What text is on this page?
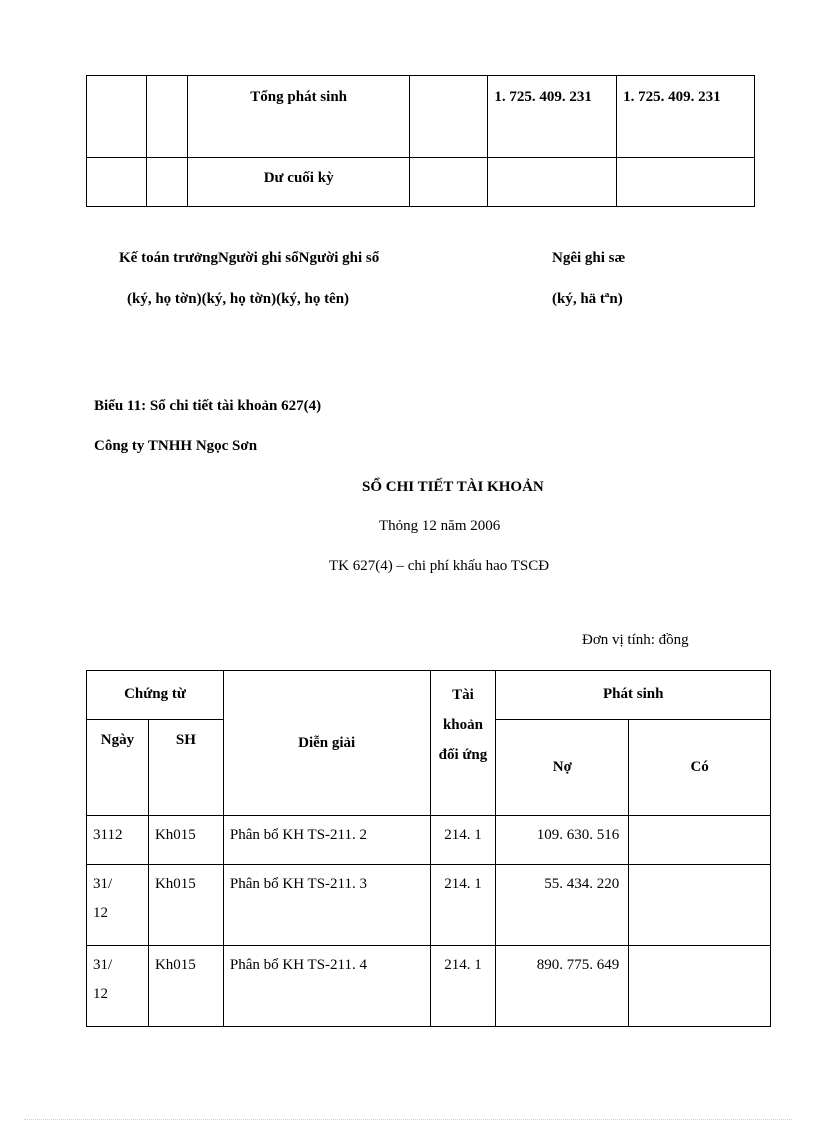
		Tổng phát sinh		1. 725. 409. 231	1. 725. 409. 231
		Dư cuối kỳ			
Kế toán trưởngNgười ghi sổNgười ghi sổ	Ngêi ghi sæ
(ký, họ tờn)(ký, họ tờn)(ký, họ tên)	(ký, hä tªn)
Biểu 11: Sổ chi tiết tài khoản 627(4)
Công ty TNHH Ngọc Sơn
SỔ CHI TIẾT TÀI KHOẢN
Thỏng 12 năm 2006
TK 627(4) – chi phí khấu hao TSCĐ
Đơn vị tính: đồng
Chứng từ		Diễn giải	Tài khoản đối ứng	Phát sinh	
Ngày	SH			Nợ	Có
3112	Kh015	Phân bổ KH TS-211. 2	214. 1	109. 630. 516	
31/ 12	Kh015	Phân bổ KH TS-211. 3	214. 1	55. 434. 220	
31/ 12	Kh015	Phân bổ KH TS-211. 4	214. 1	890. 775. 649	
